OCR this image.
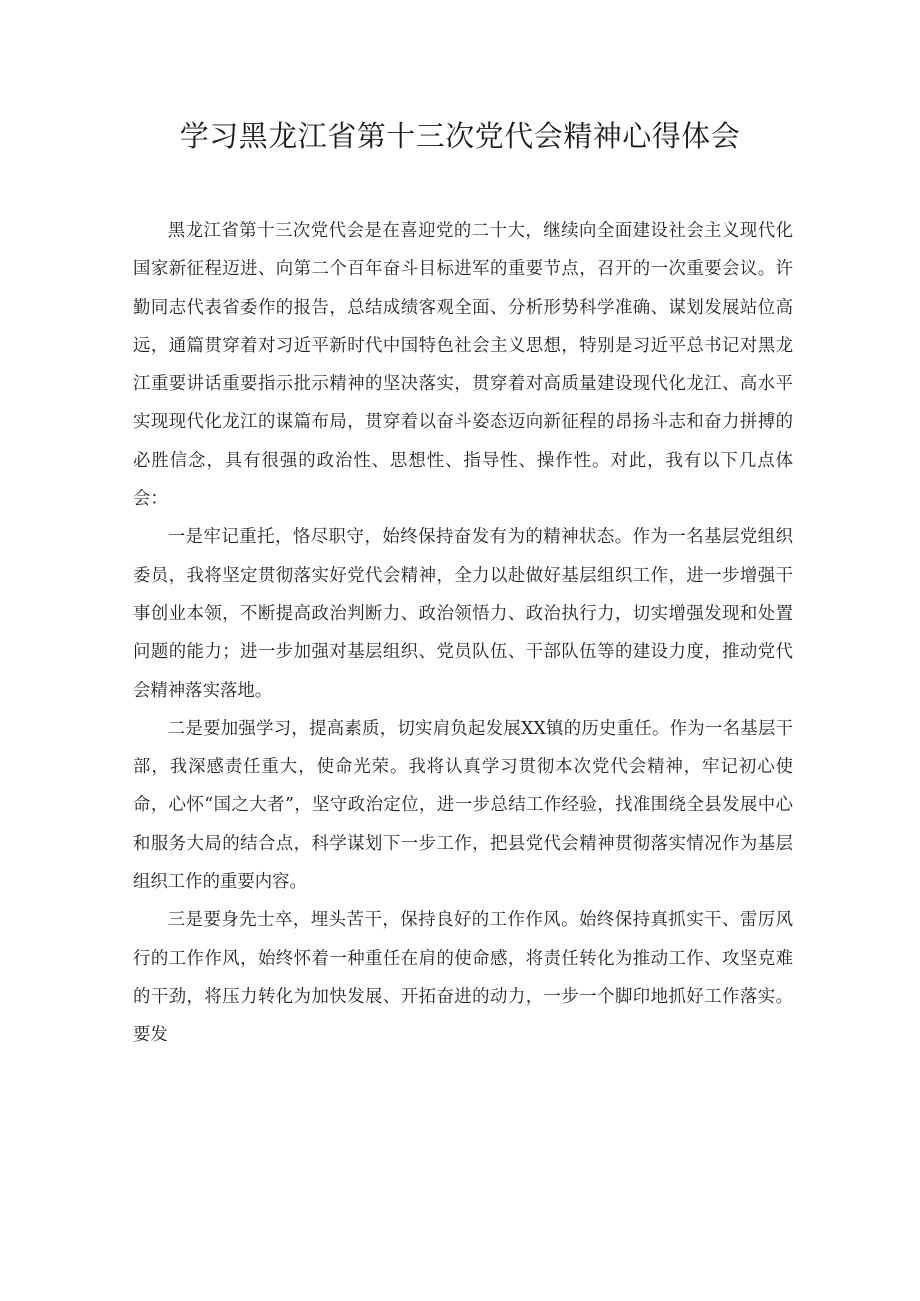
学习黑龙江省第十三次党代会精神心得体会

黑龙江省第十三次党代会是在喜迎党的二十大，继续向全面建设社会主义现代化国家新征程迈进、向第二个百年奋斗目标进军的重要节点，召开的一次重要会议。许勤同志代表省委作的报告，总结成绩客观全面、分析形势科学准确、谋划发展站位高远，通篇贯穿着对习近平新时代中国特色社会主义思想，特别是习近平总书记对黑龙江重要讲话重要指示批示精神的坚决落实，贯穿着对高质量建设现代化龙江、高水平实现现代化龙江的谋篇布局，贯穿着以奋斗姿态迈向新征程的昂扬斗志和奋力拼搏的必胜信念，具有很强的政治性、思想性、指导性、操作性。对此，我有以下几点体会：

一是牢记重托，恪尽职守，始终保持奋发有为的精神状态。作为一名基层党组织委员，我将坚定贯彻落实好党代会精神，全力以赴做好基层组织工作，进一步增强干事创业本领，不断提高政治判断力、政治领悟力、政治执行力，切实增强发现和处置问题的能力；进一步加强对基层组织、党员队伍、干部队伍等的建设力度，推动党代会精神落实落地。

二是要加强学习，提高素质，切实肩负起发展XX镇的历史重任。作为一名基层干部，我深感责任重大，使命光荣。我将认真学习贯彻本次党代会精神，牢记初心使命，心怀“国之大者”，坚守政治定位，进一步总结工作经验，找准围绕全县发展中心和服务大局的结合点，科学谋划下一步工作，把县党代会精神贯彻落实情况作为基层组织工作的重要内容。

三是要身先士卒，埋头苦干，保持良好的工作作风。始终保持真抓实干、雷厉风行的工作作风，始终怀着一种重任在肩的使命感，将责任转化为推动工作、攻坚克难的干劲，将压力转化为加快发展、开拓奋进的动力，一步一个脚印地抓好工作落实。要发
